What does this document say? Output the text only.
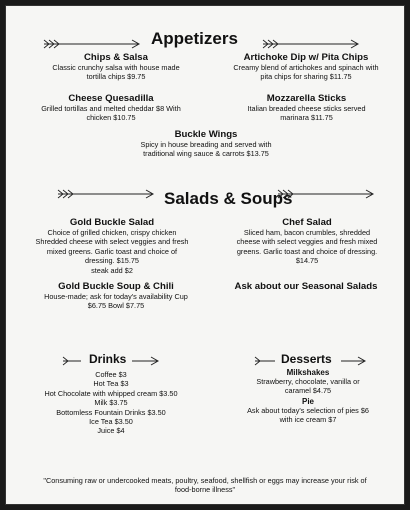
Appetizers
Chips & Salsa
Classic crunchy salsa with house made tortilla chips $9.75
Artichoke Dip w/ Pita Chips
Creamy blend of artichokes and spinach with pita chips for sharing $11.75
Cheese Quesadilla
Grilled tortillas and melted cheddar $8 With chicken $10.75
Mozzarella Sticks
Italian breaded cheese sticks served marinara $11.75
Buckle Wings
Spicy in house breading and served with traditional wing sauce & carrots $13.75
Salads & Soups
Gold Buckle Salad
Choice of grilled chicken, crispy chicken Shredded cheese with select veggies and fresh mixed greens. Garlic toast and choice of dressing. $15.75
steak add $2
Chef Salad
Sliced ham, bacon crumbles, shredded cheese with select veggies and fresh mixed greens. Garlic toast and choice of dressing. $14.75
Gold Buckle Soup & Chili
House-made; ask for today's availability Cup $6.75 Bowl $7.75
Ask about our Seasonal Salads
Drinks
Coffee $3
Hot Tea $3
Hot Chocolate with whipped cream $3.50
Milk $3.75
Bottomless Fountain Drinks $3.50
Ice Tea $3.50
Juice $4
Desserts
Milkshakes
Strawberry, chocolate, vanilla or caramel $4.75
Pie
Ask about today's selection of pies $6 with ice cream $7
"Consuming raw or undercooked meats, poultry, seafood, shellfish or eggs may increase your risk of food-borne illness"
